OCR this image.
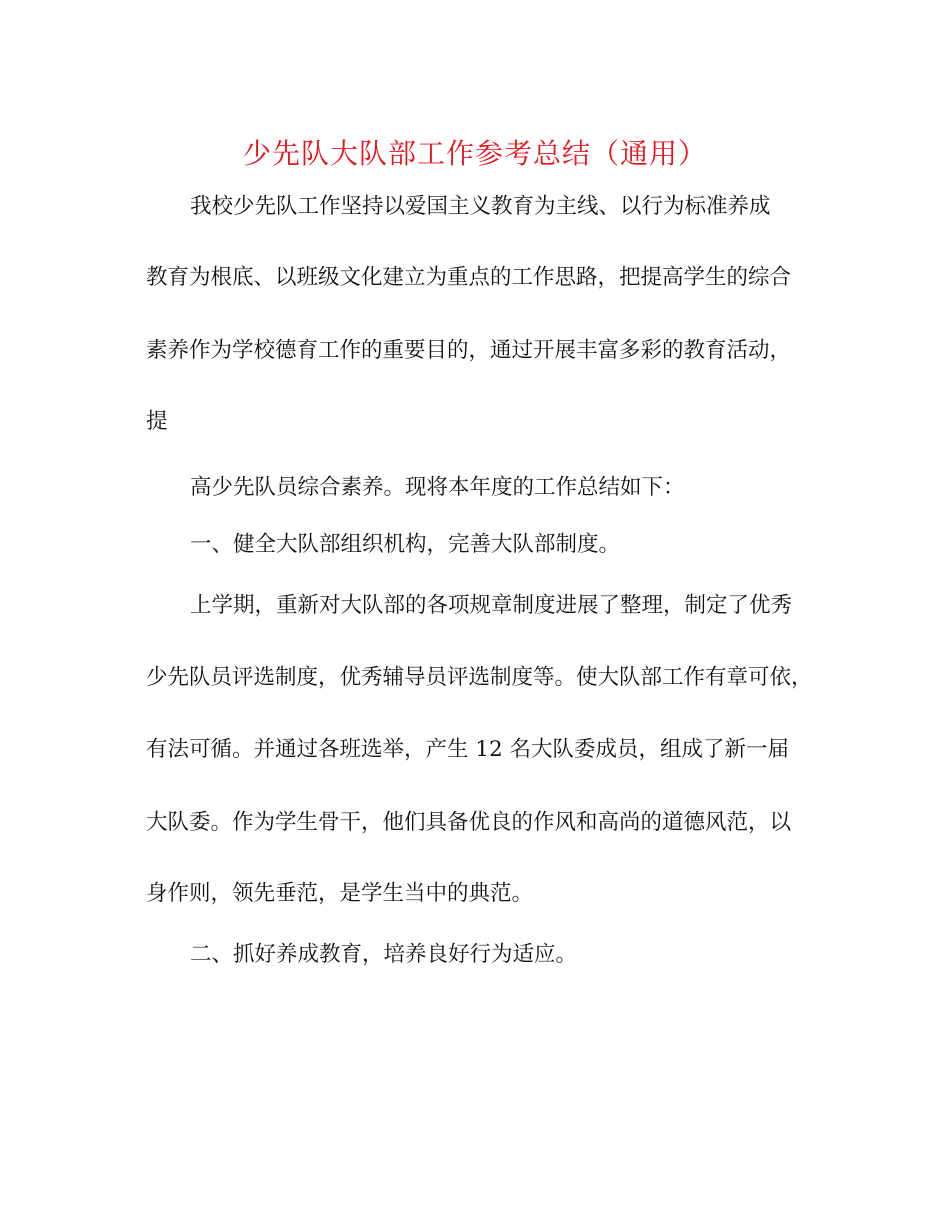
少先队大队部工作参考总结（通用）

我校少先队工作坚持以爱国主义教育为主线、以行为标准养成

教育为根底、以班级文化建立为重点的工作思路，把提高学生的综合

素养作为学校德育工作的重要目的，通过开展丰富多彩的教育活动，

提

高少先队员综合素养。现将本年度的工作总结如下：

一、健全大队部组织机构，完善大队部制度。

上学期，重新对大队部的各项规章制度进展了整理，制定了优秀

少先队员评选制度，优秀辅导员评选制度等。使大队部工作有章可依，

有法可循。并通过各班选举，产生 12 名大队委成员，组成了新一届

大队委。作为学生骨干，他们具备优良的作风和高尚的道德风范，以

身作则，领先垂范，是学生当中的典范。

二、抓好养成教育，培养良好行为适应。
